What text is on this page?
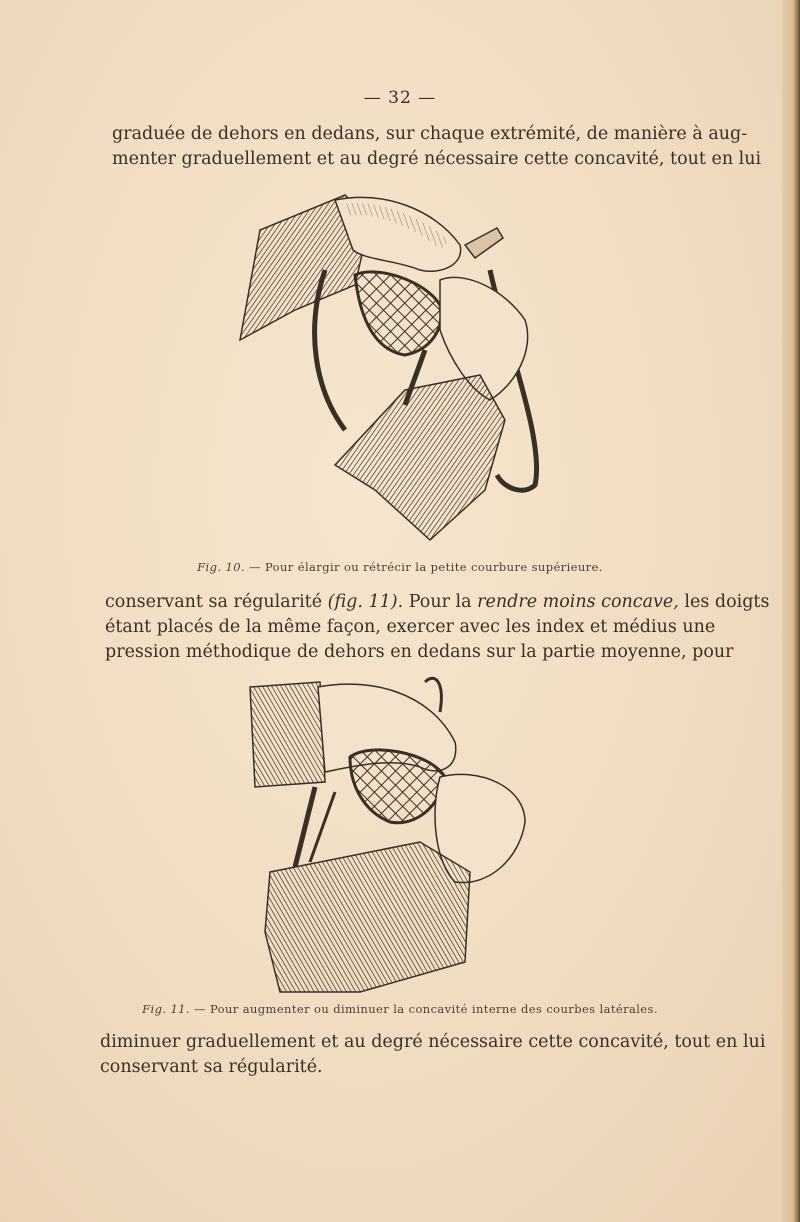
— 32 —

graduée de dehors en dedans, sur chaque extrémité, de manière à aug-
menter graduellement et au degré nécessaire cette concavité, tout en lui

Fig. 10. — Pour élargir ou rétrécir la petite courbure supérieure.

conservant sa régularité (fig. 11). Pour la rendre moins concave, les doigts
étant placés de la même façon, exercer avec les index et médius une
pression méthodique de dehors en dedans sur la partie moyenne, pour

Fig. 11. — Pour augmenter ou diminuer la concavité interne des courbes latérales.

diminuer graduellement et au degré nécessaire cette concavité, tout en lui
conservant sa régularité.
